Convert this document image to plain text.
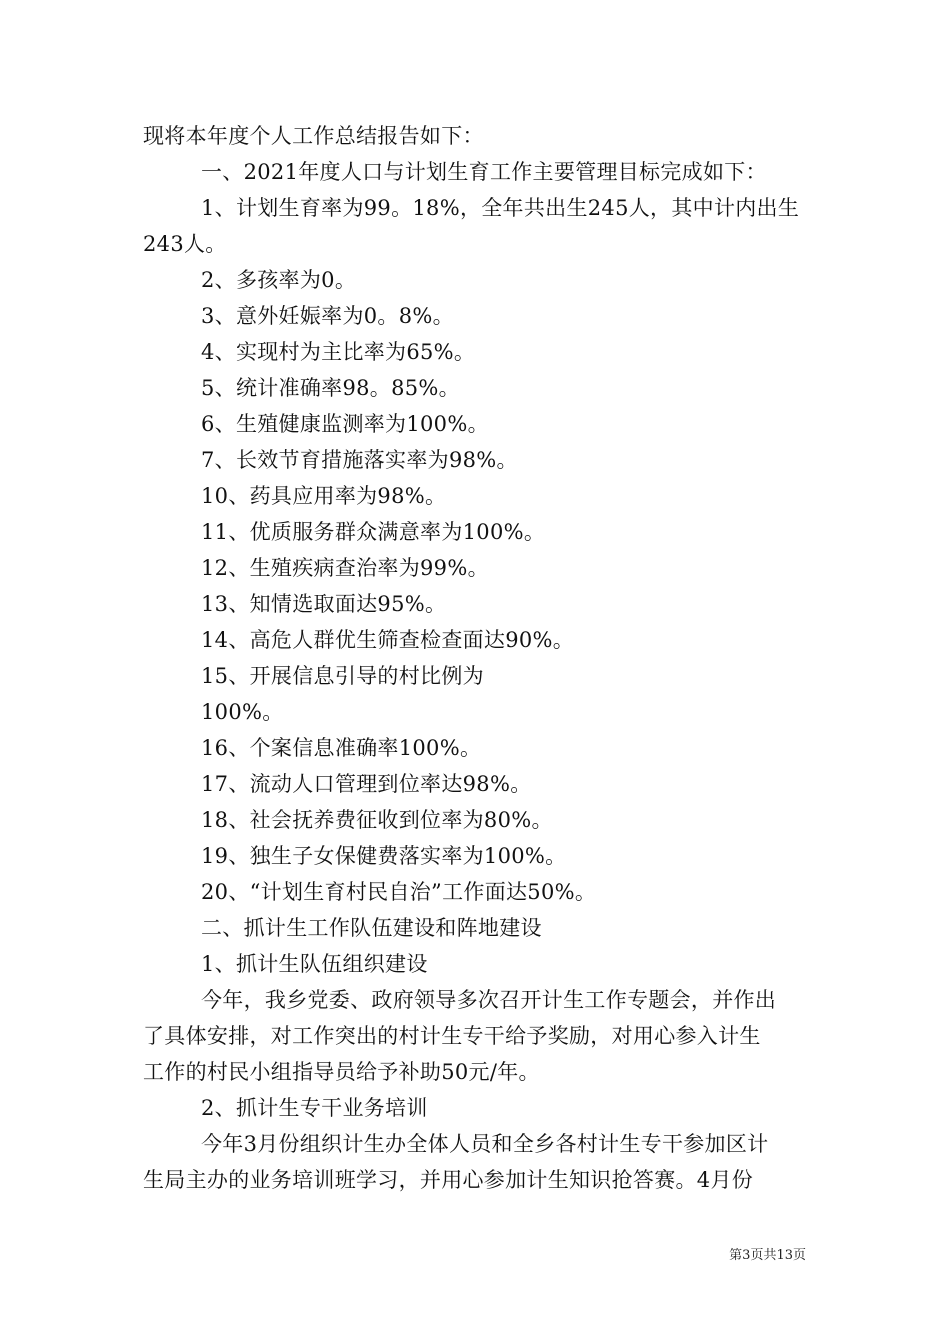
现将本年度个人工作总结报告如下：
一、2021年度人口与计划生育工作主要管理目标完成如下：
1、计划生育率为99。18%，全年共出生245人，其中计内出生
243人。
2、多孩率为0。
3、意外妊娠率为0。8%。
4、实现村为主比率为65%。
5、统计准确率98。85%。
6、生殖健康监测率为100%。
7、长效节育措施落实率为98%。
10、药具应用率为98%。
11、优质服务群众满意率为100%。
12、生殖疾病查治率为99%。
13、知情选取面达95%。
14、高危人群优生筛查检查面达90%。
15、开展信息引导的村比例为
100%。
16、个案信息准确率100%。
17、流动人口管理到位率达98%。
18、社会抚养费征收到位率为80%。
19、独生子女保健费落实率为100%。
20、“计划生育村民自治”工作面达50%。
二、抓计生工作队伍建设和阵地建设
1、抓计生队伍组织建设
今年，我乡党委、政府领导多次召开计生工作专题会，并作出
了具体安排，对工作突出的村计生专干给予奖励，对用心参入计生
工作的村民小组指导员给予补助50元/年。
2、抓计生专干业务培训
今年3月份组织计生办全体人员和全乡各村计生专干参加区计
生局主办的业务培训班学习，并用心参加计生知识抢答赛。4月份
第3页共13页
